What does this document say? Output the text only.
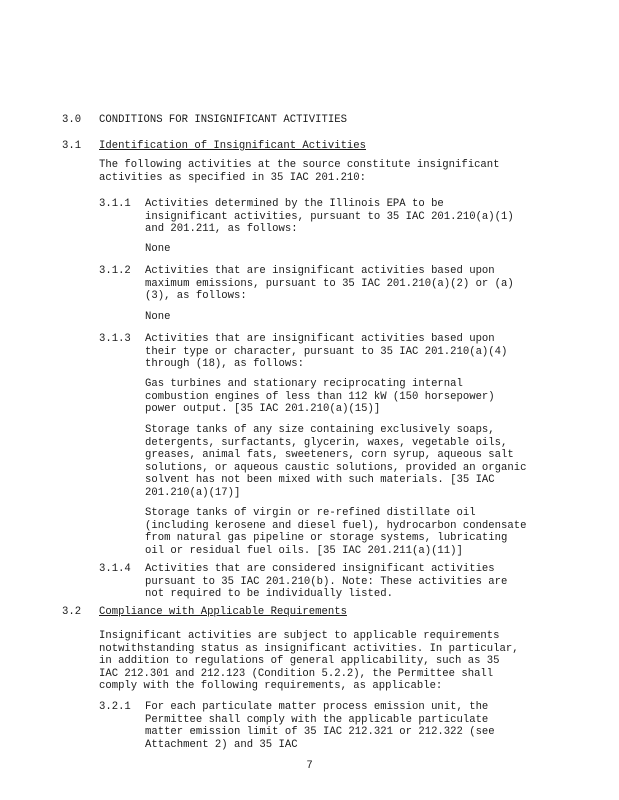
3.0 CONDITIONS FOR INSIGNIFICANT ACTIVITIES
3.1 Identification of Insignificant Activities
The following activities at the source constitute insignificant activities as specified in 35 IAC 201.210:
3.1.1 Activities determined by the Illinois EPA to be insignificant activities, pursuant to 35 IAC 201.210(a)(1) and 201.211, as follows:
None
3.1.2 Activities that are insignificant activities based upon maximum emissions, pursuant to 35 IAC 201.210(a)(2) or (a)(3), as follows:
None
3.1.3 Activities that are insignificant activities based upon their type or character, pursuant to 35 IAC 201.210(a)(4) through (18), as follows:
Gas turbines and stationary reciprocating internal combustion engines of less than 112 kW (150 horsepower) power output. [35 IAC 201.210(a)(15)]
Storage tanks of any size containing exclusively soaps, detergents, surfactants, glycerin, waxes, vegetable oils, greases, animal fats, sweeteners, corn syrup, aqueous salt solutions, or aqueous caustic solutions, provided an organic solvent has not been mixed with such materials. [35 IAC 201.210(a)(17)]
Storage tanks of virgin or re-refined distillate oil (including kerosene and diesel fuel), hydrocarbon condensate from natural gas pipeline or storage systems, lubricating oil or residual fuel oils. [35 IAC 201.211(a)(11)]
3.1.4 Activities that are considered insignificant activities pursuant to 35 IAC 201.210(b). Note: These activities are not required to be individually listed.
3.2 Compliance with Applicable Requirements
Insignificant activities are subject to applicable requirements notwithstanding status as insignificant activities. In particular, in addition to regulations of general applicability, such as 35 IAC 212.301 and 212.123 (Condition 5.2.2), the Permittee shall comply with the following requirements, as applicable:
3.2.1 For each particulate matter process emission unit, the Permittee shall comply with the applicable particulate matter emission limit of 35 IAC 212.321 or 212.322 (see Attachment 2) and 35 IAC
7
